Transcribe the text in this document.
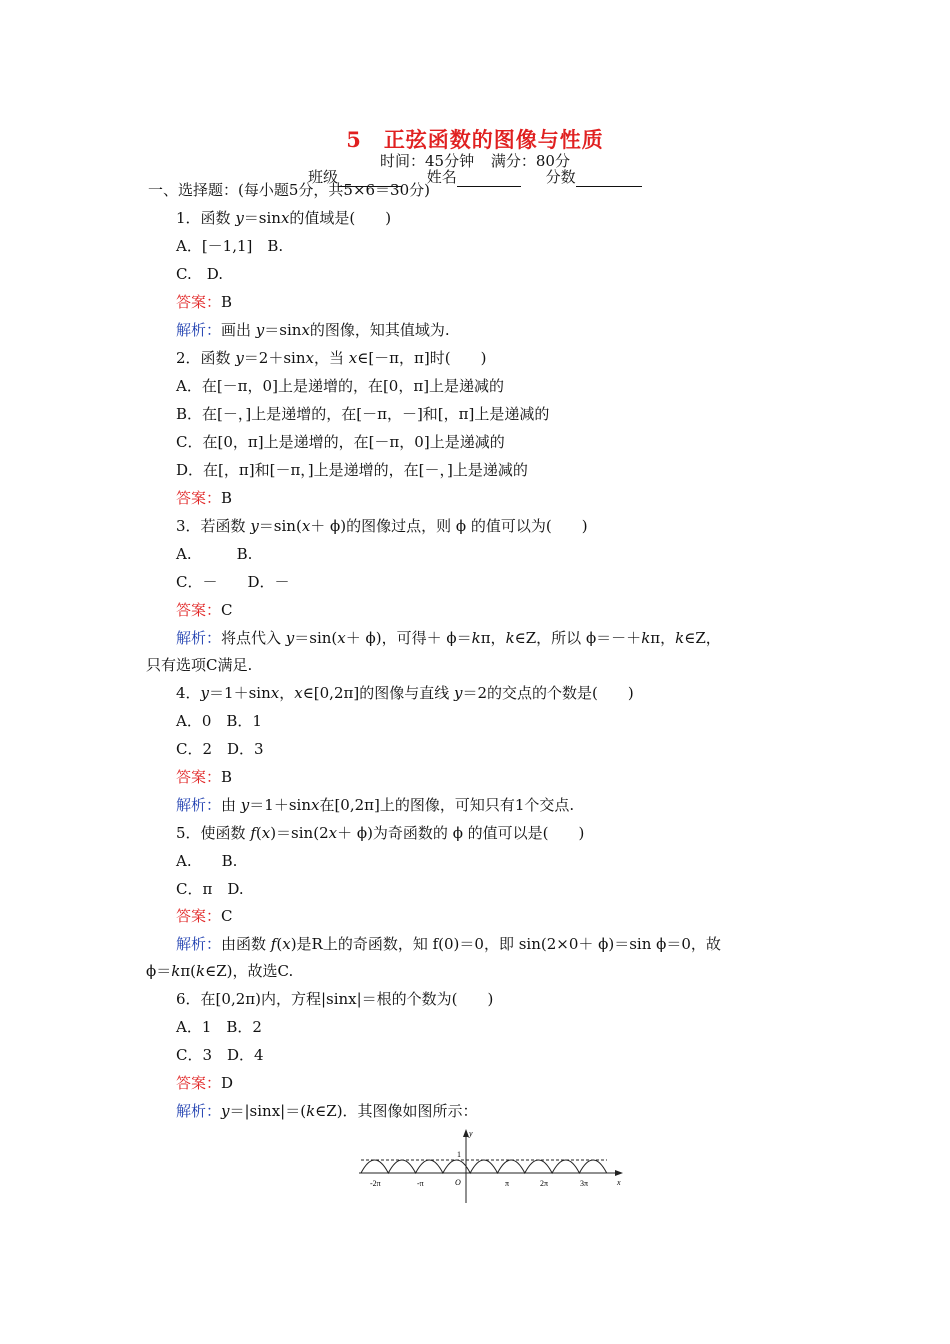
5 正弦函数的图像与性质
时间：45分钟 满分：80分
班级	姓名	分数
一、选择题：(每小题5分，共5×6＝30分)
1．函数 y＝sinx的值域是(　　)
A．[－1,1]　B.
C.　D.
答案：B
解析：画出 y＝sinx的图像，知其值域为.
2．函数 y＝2＋sinx，当 x∈[－π，π]时(　　)
A．在[－π，0]上是递增的，在[0，π]上是递减的
B．在[－，]上是递增的，在[－π，－]和[，π]上是递减的
C．在[0，π]上是递增的，在[－π，0]上是递减的
D．在[，π]和[－π，]上是递增的，在[－，]上是递减的
答案：B
3．若函数 y＝sin(x＋ ϕ)的图像过点，则 ϕ 的值可以为(　　)
A.　　　B.
C．－　　D．－
答案：C
解析：将点代入 y＝sin(x＋ ϕ)，可得＋ ϕ＝kπ，k∈Z，所以 ϕ＝－＋kπ，k∈Z，
只有选项C满足.
4．y＝1＋sinx，x∈[0,2π]的图像与直线 y＝2的交点的个数是(　　)
A．0　B．1
C．2　D．3
答案：B
解析：由 y＝1＋sinx在[0,2π]上的图像，可知只有1个交点.
5．使函数 f(x)＝sin(2x＋ ϕ)为奇函数的 ϕ 的值可以是(　　)
A.　　B.
C．π　D.
答案：C
解析：由函数 f(x)是R上的奇函数，知 f(0)＝0，即 sin(2×0＋ ϕ)＝sin ϕ＝0，故
ϕ＝kπ(k∈Z)，故选C.
6．在[0,2π)内，方程|sinx|＝根的个数为(　　)
A．1　B．2
C．3　D．4
答案：D
解析：y＝|sinx|＝(k∈Z)．其图像如图所示：
y
x
1
O
-2π	-π	π	2π	3π
